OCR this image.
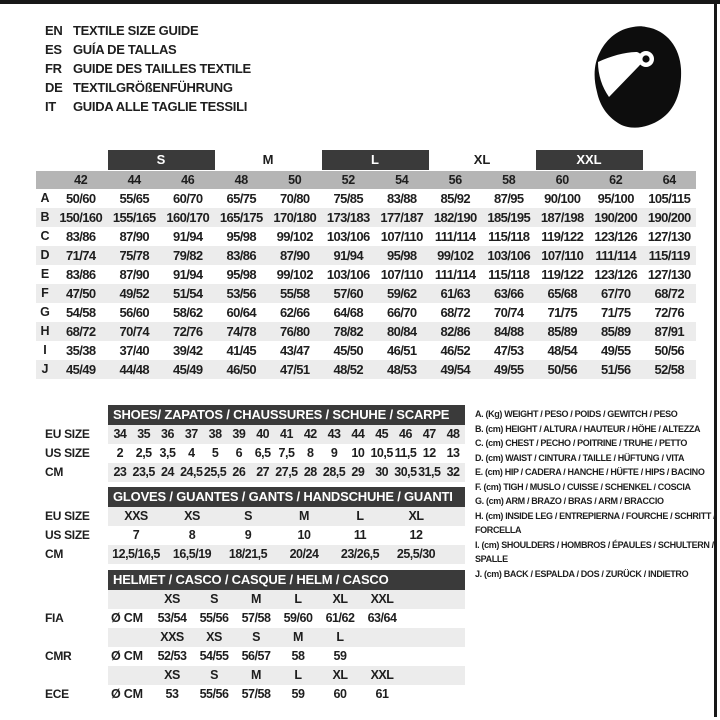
EN TEXTILE SIZE GUIDE
ES GUÍA DE TALLAS
FR GUIDE DES TAILLES TEXTILE
DE TEXTILGRÖßENFÜHRUNG
IT	GUIDA ALLE TAGLIE TESSILI
S	M	L	XL	XXL
42	44	46	48	50	52	54	56	58	60	62	64
A	50/60	55/65	60/70	65/75	70/80	75/85	83/88	85/92	87/95	90/100	95/100	105/115
B 150/160 155/165 160/170 165/175 170/180 173/183 177/187 182/190 185/195 187/198 190/200 190/200
C	83/86	87/90	91/94	95/98	99/102	103/106 107/110 111/114 115/118 119/122 123/126 127/130
D	71/74	75/78	79/82	83/86	87/90	91/94	95/98	99/102	103/106 107/110 111/114 115/119
E	83/86	87/90	91/94	95/98	99/102	103/106 107/110 111/114 115/118 119/122 123/126 127/130
F	47/50	49/52	51/54	53/56	55/58	57/60	59/62	61/63	63/66	65/68	67/70	68/72
G	54/58	56/60	58/62	60/64	62/66	64/68	66/70	68/72	70/74	71/75	71/75	72/76
H	68/72	70/74	72/76	74/78	76/80	78/82	80/84	82/86	84/88	85/89	85/89	87/91
I	35/38	37/40	39/42	41/45	43/47	45/50	46/51	46/52	47/53	48/54	49/55	50/56
J	45/49	44/48	45/49	46/50	47/51	48/52	48/53	49/54	49/55	50/56	51/56	52/58
SHOES/ ZAPATOS / CHAUSSURES / SCHUHE / SCARPE
EU SIZE	34 35 36 37 38 39 40 41 42 43 44 45 46 47 48
US SIZE	2	2,5 3,5	4	5	6	6,5 7,5	8	9	10 10,5 11,5 12 13
CM	23 23,5 24 24,5 25,5 26 27 27,5 28 28,5 29 30 30,5 31,5 32
GLOVES / GUANTES / GANTS / HANDSCHUHE / GUANTI
EU SIZE	XXS	XS	S	M	L	XL
US SIZE	7	8	9	10	11	12
CM	12,5/16,5	16,5/19	18/21,5	20/24	23/26,5	25,5/30
HELMET / CASCO / CASQUE / HELM / CASCO
XS	S	M	L	XL	XXL
FIA	Ø CM	53/54	55/56	57/58	59/60	61/62	63/64
XXS	XS	S	M	L
CMR	Ø CM	52/53	54/55	56/57	58	59
XS	S	M	L	XL	XXL
ECE	Ø CM	53	55/56	57/58	59	60	61
A. (Kg) WEIGHT / PESO / POIDS / GEWITCH / PESO
B. (cm) HEIGHT / ALTURA / HAUTEUR / HÖHE / ALTEZZA
C. (cm) CHEST / PECHO / POITRINE / TRUHE / PETTO
D. (cm) WAIST / CINTURA / TAILLE / HÜFTUNG / VITA
E. (cm) HIP / CADERA / HANCHE / HÜFTE / HIPS / BACINO
F. (cm) TIGH / MUSLO / CUISSE / SCHENKEL / COSCIA
G. (cm) ARM / BRAZO / BRAS / ARM / BRACCIO
H. (cm) INSIDE LEG / ENTREPIERNA / FOURCHE / SCHRITT / FORCELLA
I. (cm) SHOULDERS / HOMBROS / ÉPAULES / SCHULTERN / SPALLE
J. (cm) BACK / ESPALDA / DOS / ZURÜCK / INDIETRO
